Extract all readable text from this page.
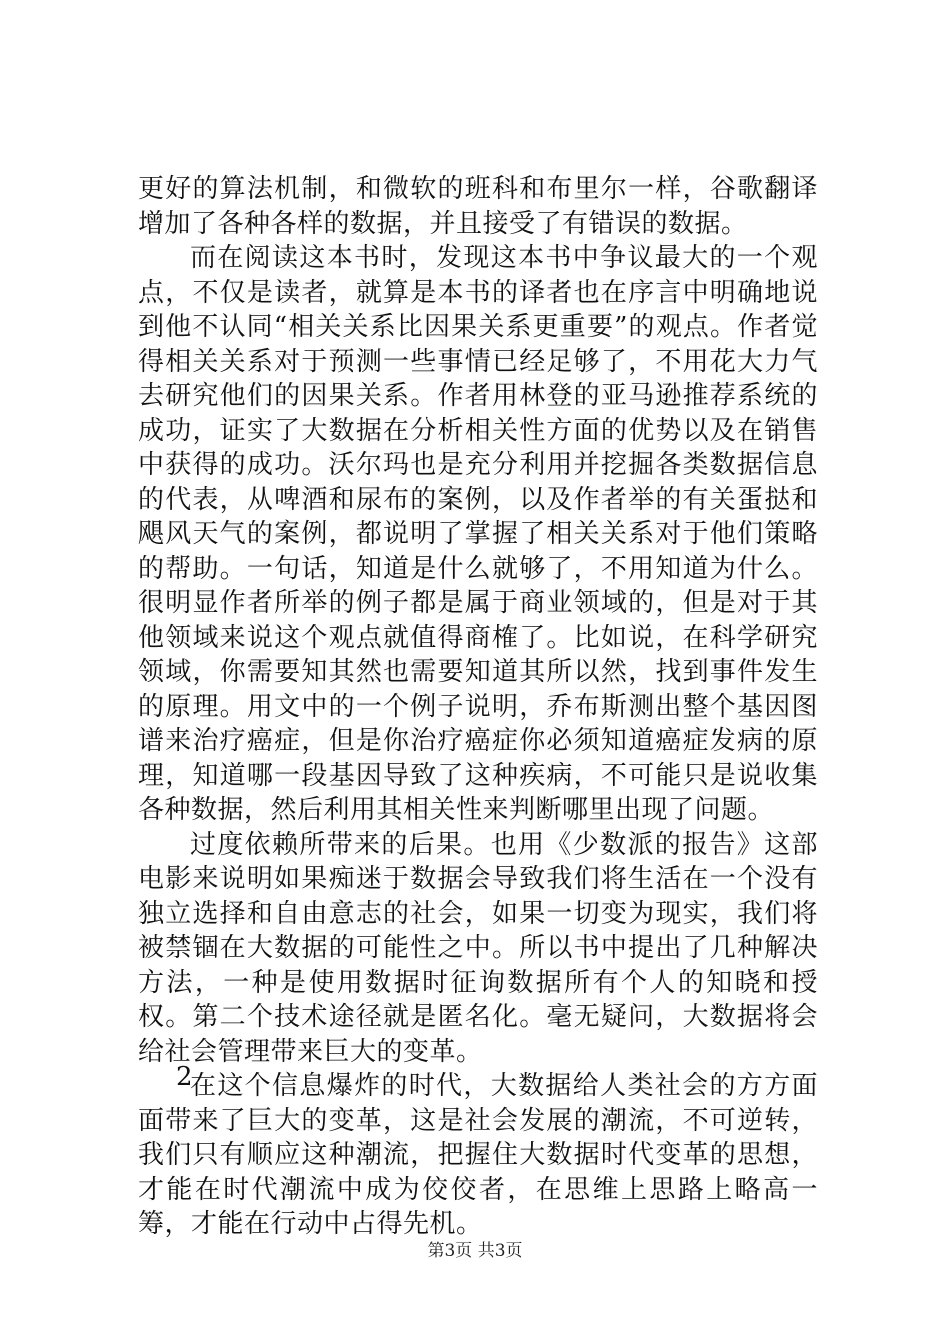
更好的算法机制，和微软的班科和布里尔一样，谷歌翻译增加了各种各样的数据，并且接受了有错误的数据。

而在阅读这本书时，发现这本书中争议最大的一个观点，不仅是读者，就算是本书的译者也在序言中明确地说到他不认同“相关关系比因果关系更重要”的观点。作者觉得相关关系对于预测一些事情已经足够了，不用花大力气去研究他们的因果关系。作者用林登的亚马逊推荐系统的成功，证实了大数据在分析相关性方面的优势以及在销售中获得的成功。沃尔玛也是充分利用并挖掘各类数据信息的代表，从啤酒和尿布的案例，以及作者举的有关蛋挞和飓风天气的案例，都说明了掌握了相关关系对于他们策略的帮助。一句话，知道是什么就够了，不用知道为什么。很明显作者所举的例子都是属于商业领域的，但是对于其他领域来说这个观点就值得商榷了。比如说，在科学研究领域，你需要知其然也需要知道其所以然，找到事件发生的原理。用文中的一个例子说明，乔布斯测出整个基因图谱来治疗癌症，但是你治疗癌症你必须知道癌症发病的原理，知道哪一段基因导致了这种疾病，不可能只是说收集各种数据，然后利用其相关性来判断哪里出现了问题。

过度依赖所带来的后果。也用《少数派的报告》这部电影来说明如果痴迷于数据会导致我们将生活在一个没有独立选择和自由意志的社会，如果一切变为现实，我们将被禁锢在大数据的可能性之中。所以书中提出了几种解决方法，一种是使用数据时征询数据所有个人的知晓和授权。第二个技术途径就是匿名化。毫无疑问，大数据将会给社会管理带来巨大的变革。

在这个信息爆炸的时代，大数据给人类社会的方方面面带来了巨大的变革，这是社会发展的潮流，不可逆转，我们只有顺应这种潮流，把握住大数据时代变革的思想，才能在时代潮流中成为佼佼者，在思维上思路上略高一筹，才能在行动中占得先机。

2
第3页 共3页
